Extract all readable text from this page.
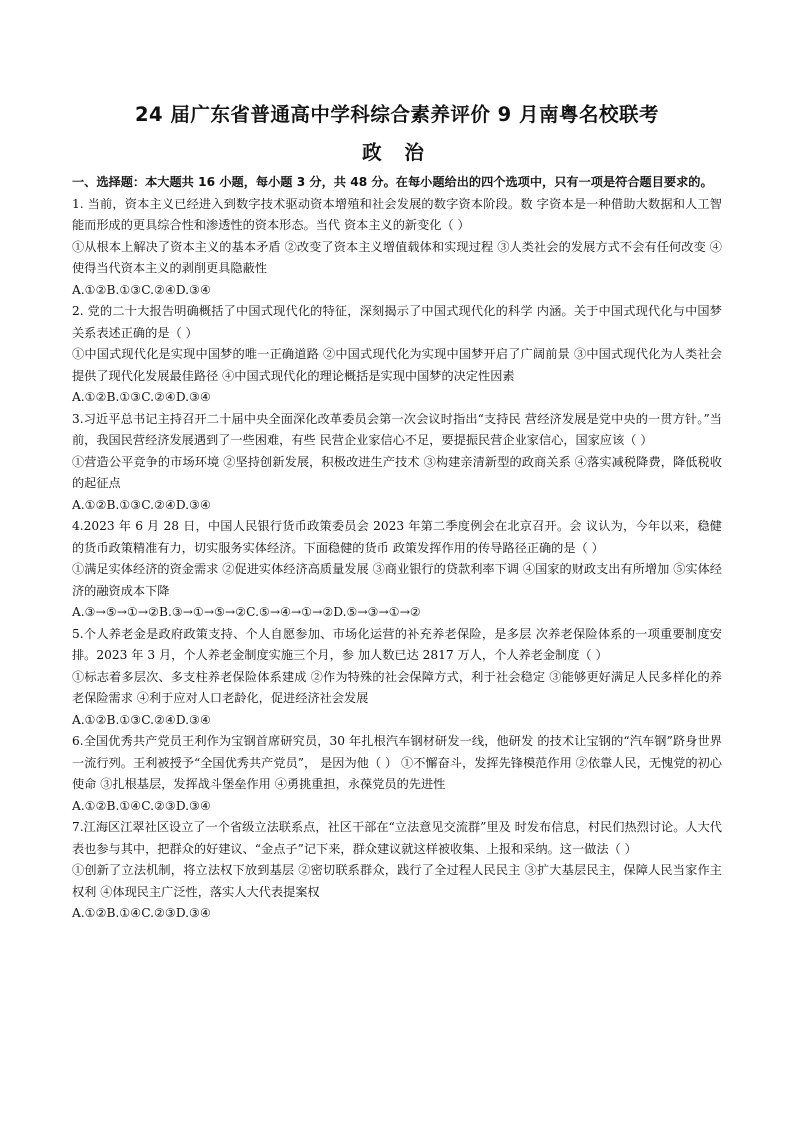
24 届广东省普通高中学科综合素养评价 9 月南粤名校联考
政 治

一、选择题：本大题共 16 小题，每小题 3 分，共 48 分。在每小题给出的四个选项中，只有一项是符合题目要求的。

1. 当前，资本主义已经进入到数字技术驱动资本增殖和社会发展的数字资本阶段。数 字资本是一种借助大数据和人工智能而形成的更具综合性和渗透性的资本形态。当代 资本主义的新变化（ ）

①从根本上解决了资本主义的基本矛盾 ②改变了资本主义增值载体和实现过程 ③人类社会的发展方式不会有任何改变 ④使得当代资本主义的剥削更具隐蔽性

A.①②B.①③C.②④D.③④

2. 党的二十大报告明确概括了中国式现代化的特征，深刻揭示了中国式现代化的科学 内涵。关于中国式现代化与中国梦关系表述正确的是（ ）

①中国式现代化是实现中国梦的唯一正确道路 ②中国式现代化为实现中国梦开启了广阔前景 ③中国式现代化为人类社会提供了现代化发展最佳路径 ④中国式现代化的理论概括是实现中国梦的决定性因素

A.①②B.①③C.②④D.③④

3.习近平总书记主持召开二十届中央全面深化改革委员会第一次会议时指出“支持民 营经济发展是党中央的一贯方针。”当前，我国民营经济发展遇到了一些困难，有些 民营企业家信心不足，要提振民营企业家信心，国家应该（ ）

①营造公平竞争的市场环境 ②坚持创新发展，积极改进生产技术 ③构建亲清新型的政商关系 ④落实减税降费，降低税收的起征点

A.①②B.①③C.②④D.③④

4.2023 年 6 月 28 日，中国人民银行货币政策委员会 2023 年第二季度例会在北京召开。会 议认为，今年以来，稳健的货币政策精准有力，切实服务实体经济。下面稳健的货币 政策发挥作用的传导路径正确的是（ ）

①满足实体经济的资金需求 ②促进实体经济高质量发展 ③商业银行的贷款利率下调 ④国家的财政支出有所增加 ⑤实体经济的融资成本下降

A.③→⑤→①→②B.③→①→⑤→②C.⑤→④→①→②D.⑤→③→①→②

5.个人养老金是政府政策支持、个人自愿参加、市场化运营的补充养老保险，是多层 次养老保险体系的一项重要制度安排。2023 年 3 月，个人养老金制度实施三个月，参 加人数已达 2817 万人，个人养老金制度（ ）

①标志着多层次、多支柱养老保险体系建成 ②作为特殊的社会保障方式，利于社会稳定 ③能够更好满足人民多样化的养老保险需求 ④利于应对人口老龄化，促进经济社会发展

A.①②B.①③C.②④D.③④

6.全国优秀共产党员王利作为宝钢首席研究员，30 年扎根汽车钢材研发一线，他研发 的技术让宝钢的“汽车钢”跻身世界一流行列。王利被授予“全国优秀共产党员”， 是因为他（ ） ①不懈奋斗，发挥先锋模范作用 ②依靠人民，无愧党的初心使命 ③扎根基层，发挥战斗堡垒作用 ④勇挑重担，永葆党员的先进性

A.①②B.①④C.②③D.③④

7.江海区江翠社区设立了一个省级立法联系点，社区干部在“立法意见交流群”里及 时发布信息，村民们热烈讨论。人大代表也参与其中，把群众的好建议、“金点子”记下来，群众建议就这样被收集、上报和采纳。这一做法（ ）

①创新了立法机制，将立法权下放到基层 ②密切联系群众，践行了全过程人民民主 ③扩大基层民主，保障人民当家作主权利 ④体现民主广泛性，落实人大代表提案权

A.①②B.①④C.②③D.③④
